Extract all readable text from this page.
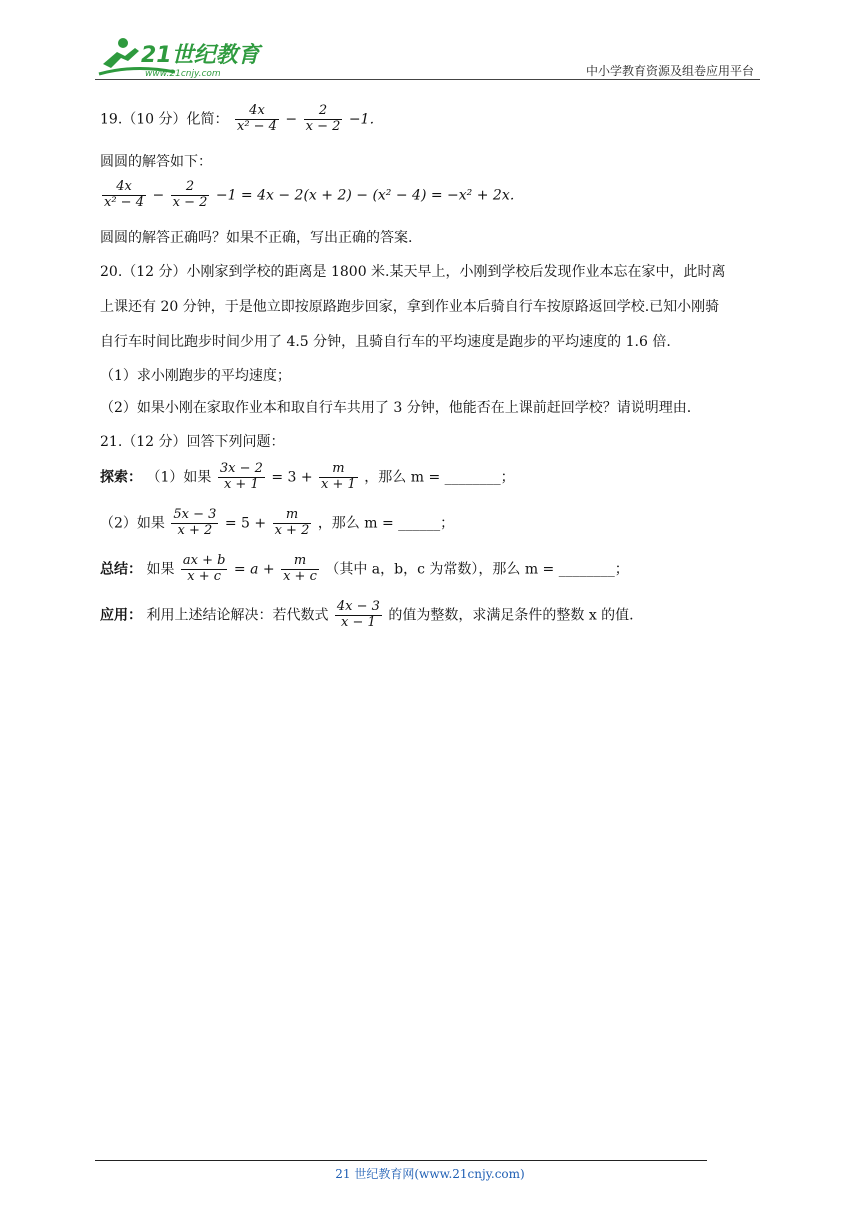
21世纪教育
www.21cnjy.com	中小学教育资源及组卷应用平台
19.（10 分）化简： $\frac{4x}{\text{x² − 4}} - \frac{2}{x - 2} -1$．
圆圆的解答如下：
$\frac{4x}{\text{x² − 4}} - \frac{2}{x - 2} -1 = 4x - 2(x + 2) - (x^2 - 4) = -x^2 + 2x$．
圆圆的解答正确吗？如果不正确，写出正确的答案.
20.（12 分）小刚家到学校的距离是 1800 米.某天早上，小刚到学校后发现作业本忘在家中，此时离
上课还有 20 分钟，于是他立即按原路跑步回家，拿到作业本后骑自行车按原路返回学校.已知小刚骑
自行车时间比跑步时间少用了 4.5 分钟，且骑自行车的平均速度是跑步的平均速度的 1.6 倍.
（1）求小刚跑步的平均速度；
（2）如果小刚在家取作业本和取自行车共用了 3 分钟，他能否在上课前赶回学校？请说明理由.
21.（12 分）回答下列问题：
探索： （1）如果 $\frac{3x - 2}{x + 1} = 3 + \frac{m}{x + 1}$ ，那么 m = ________；
（2）如果 $\frac{5x - 3}{x + 2} = 5 + \frac{m}{x + 2}$ ，那么 m = ______；
总结： 如果 $\frac{ax + b}{x + c} = a + \frac{m}{x + c}$ （其中 a，b，c 为常数），那么 m = ________；
应用： 利用上述结论解决：若代数式 $\frac{4x - 3}{x - 1}$ 的值为整数，求满足条件的整数 x 的值.
21 世纪教育网(www.21cnjy.com)
